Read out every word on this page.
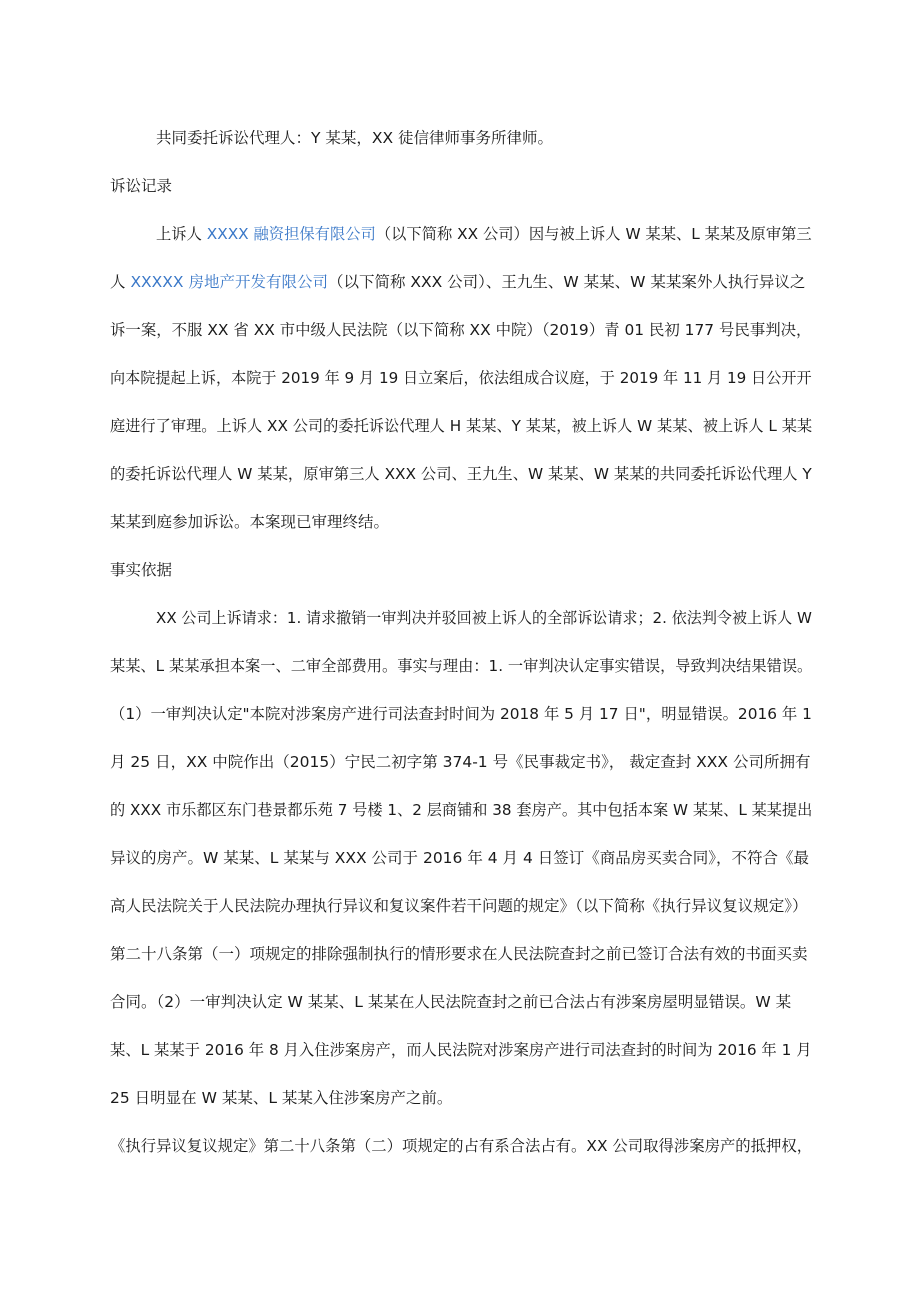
共同委托诉讼代理人：Y 某某，XX 徒信律师事务所律师。
诉讼记录
上诉人 XXXX 融资担保有限公司（以下简称 XX 公司）因与被上诉人 W 某某、L 某某及原审第三
人 XXXXX 房地产开发有限公司（以下简称 XXX 公司）、王九生、W 某某、W 某某案外人执行异议之
诉一案，不服 XX 省 XX 市中级人民法院（以下简称 XX 中院）（2019）青 01 民初 177 号民事判决，
向本院提起上诉，本院于 2019 年 9 月 19 日立案后，依法组成合议庭，于 2019 年 11 月 19 日公开开
庭进行了审理。上诉人 XX 公司的委托诉讼代理人 H 某某、Y 某某，被上诉人 W 某某、被上诉人 L 某某
的委托诉讼代理人 W 某某，原审第三人 XXX 公司、王九生、W 某某、W 某某的共同委托诉讼代理人 Y
某某到庭参加诉讼。本案现已审理终结。
事实依据
XX 公司上诉请求：1. 请求撤销一审判决并驳回被上诉人的全部诉讼请求；2. 依法判令被上诉人 W
某某、L 某某承担本案一、二审全部费用。事实与理由：1. 一审判决认定事实错误，导致判决结果错误。
（1）一审判决认定"本院对涉案房产进行司法查封时间为 2018 年 5 月 17 日"，明显错误。2016 年 1
月 25 日，XX 中院作出（2015）宁民二初字第 374-1 号《民事裁定书》， 裁定查封 XXX 公司所拥有
的 XXX 市乐都区东门巷景都乐苑 7 号楼 1、2 层商铺和 38 套房产。其中包括本案 W 某某、L 某某提出
异议的房产。W 某某、L 某某与 XXX 公司于 2016 年 4 月 4 日签订《商品房买卖合同》，不符合《最
高人民法院关于人民法院办理执行异议和复议案件若干问题的规定》（以下简称《执行异议复议规定》）
第二十八条第（一）项规定的排除强制执行的情形要求在人民法院查封之前已签订合法有效的书面买卖
合同。（2）一审判决认定 W 某某、L 某某在人民法院查封之前已合法占有涉案房屋明显错误。W 某
某、L 某某于 2016 年 8 月入住涉案房产，而人民法院对涉案房产进行司法查封的时间为 2016 年 1 月
25 日明显在 W 某某、L 某某入住涉案房产之前。
《执行异议复议规定》第二十八条第（二）项规定的占有系合法占有。XX 公司取得涉案房产的抵押权，
